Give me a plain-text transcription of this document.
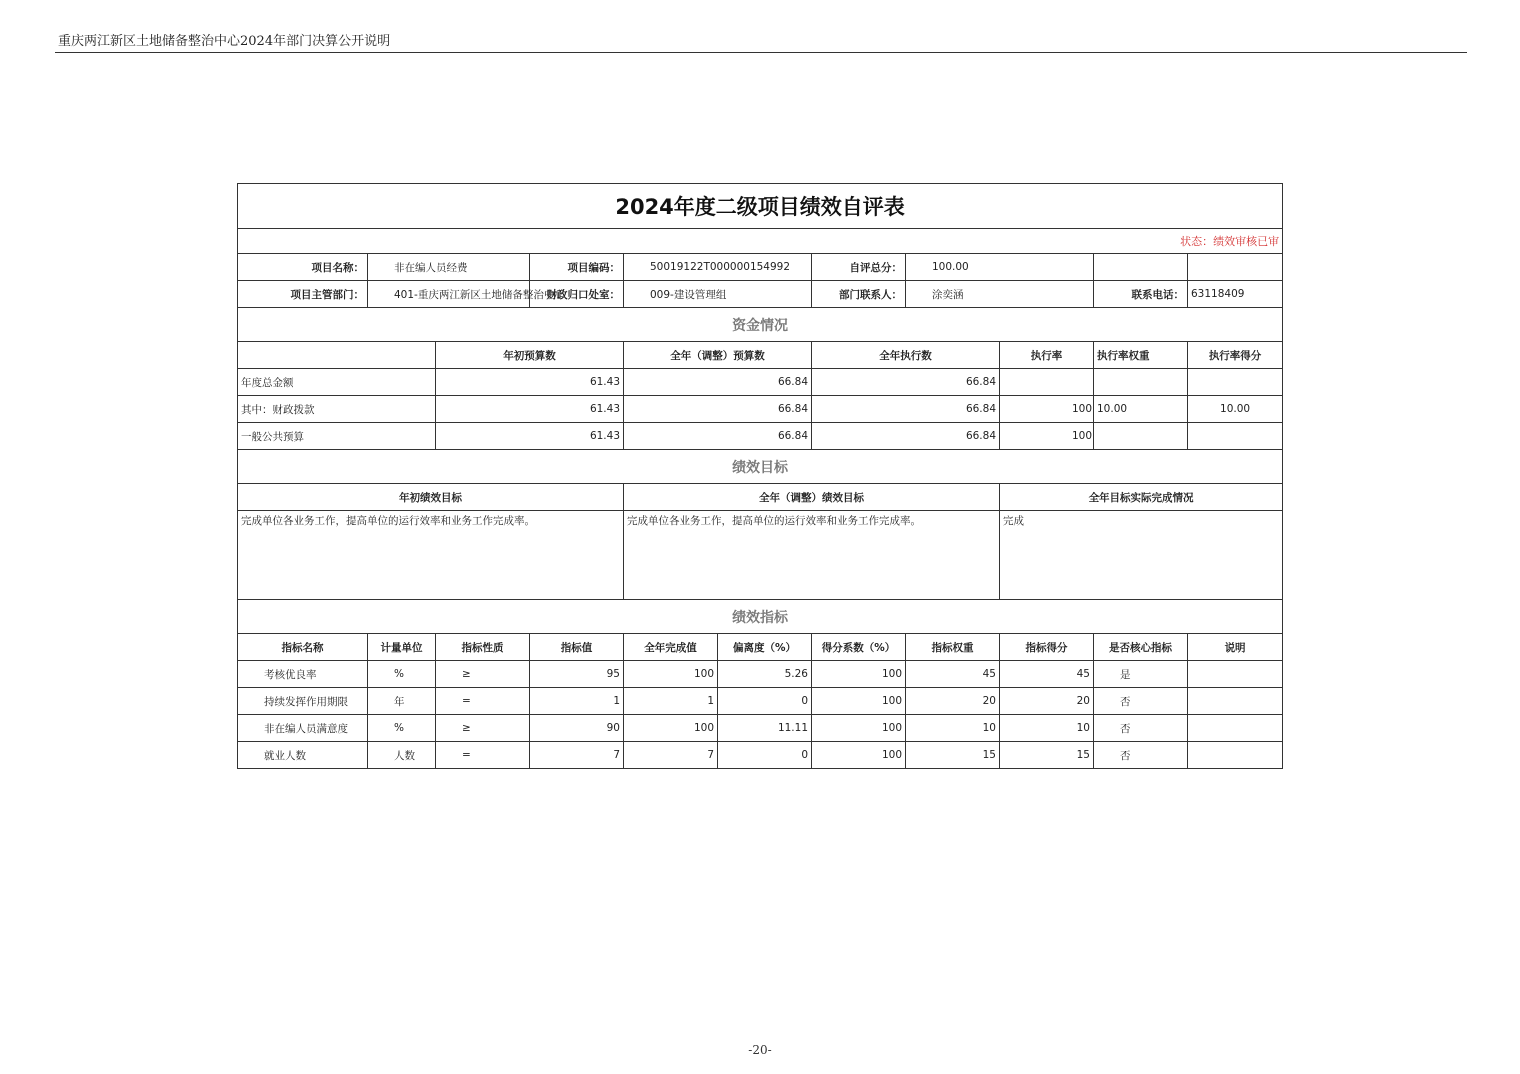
重庆两江新区土地储备整治中心2024年部门决算公开说明
2024年度二级项目绩效自评表										
状态：绩效审核已审										
项目名称：	非在编人员经费		项目编码：	50019122T000000154992		自评总分：	100.00			
项目主管部门：	401-重庆两江新区土地储备整治中心		财政归口处室：	009-建设管理组		部门联系人：	涂奕涵		联系电话：	63118409
资金情况										
		年初预算数		全年（调整）预算数		全年执行数		执行率	执行率权重	执行率得分
年度总金额		61.43		66.84		66.84				
其中：财政拨款		61.43		66.84		66.84		100	10.00	10.00
一般公共预算		61.43		66.84		66.84		100		
绩效目标										
年初绩效目标				全年（调整）绩效目标				全年目标实际完成情况		
完成单位各业务工作，提高单位的运行效率和业务工作完成率。				完成单位各业务工作，提高单位的运行效率和业务工作完成率。				完成		
绩效指标										
指标名称	计量单位	指标性质	指标值	全年完成值	偏离度（%）	得分系数（%）	指标权重	指标得分	是否核心指标	说明
考核优良率	%	≥	95	100	5.26	100	45	45	是	
持续发挥作用期限	年	=	1	1	0	100	20	20	否	
非在编人员满意度	%	≥	90	100	11.11	100	10	10	否	
就业人数	人数	=	7	7	0	100	15	15	否	
-20-
